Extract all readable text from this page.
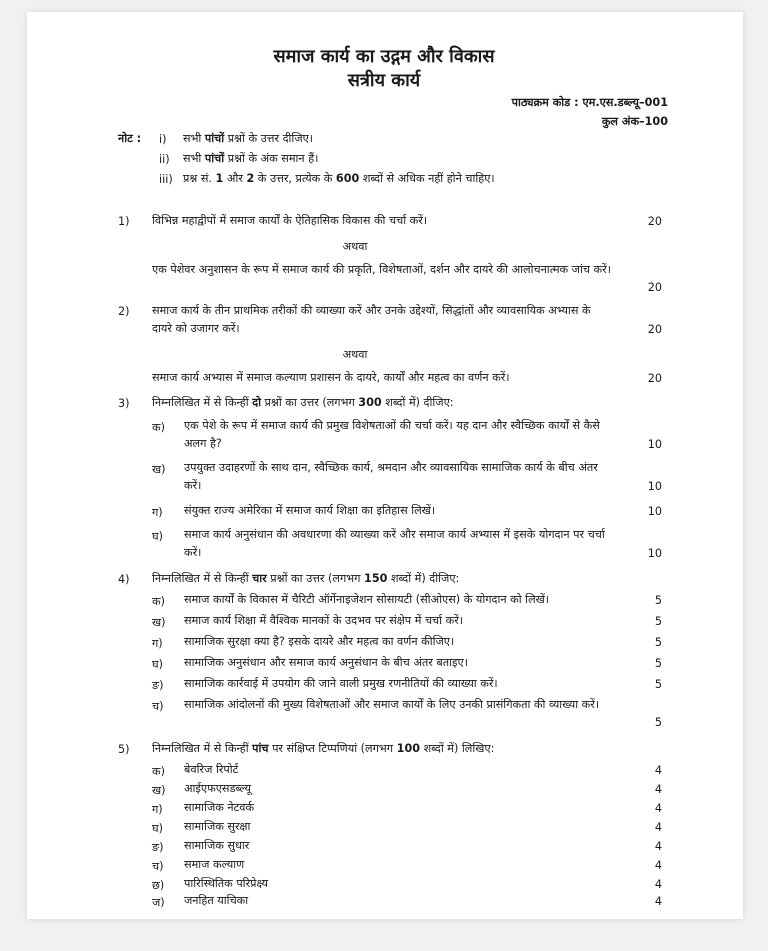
समाज कार्य का उद्गम और विकास
सत्रीय कार्य
पाठ्यक्रम कोड : एम.एस.डब्ल्यू–001
कुल अंक–100
नोट : i) सभी पांचों प्रश्नों के उत्तर दीजिए।
ii) सभी पांचों प्रश्नों के अंक समान हैं।
iii) प्रश्न सं. 1 और 2 के उत्तर, प्रत्येक के 600 शब्दों से अधिक नहीं होने चाहिए।
1) विभिन्न महाद्वीपों में समाज कार्यों के ऐतिहासिक विकास की चर्चा करें।	20
अथवा
एक पेशेवर अनुशासन के रूप में समाज कार्य की प्रकृति, विशेषताओं, दर्शन और दायरे की आलोचनात्मक जांच करें।
20
2) समाज कार्य के तीन प्राथमिक तरीकों की व्याख्या करें और उनके उद्देश्यों, सिद्धांतों और व्यावसायिक अभ्यास के
दायरे को उजागर करें।	20
अथवा
समाज कार्य अभ्यास में समाज कल्याण प्रशासन के दायरे, कार्यों और महत्व का वर्णन करें।	20
3) निम्नलिखित में से किन्हीं दो प्रश्नों का उत्तर (लगभग 300 शब्दों में) दीजिए:
क) एक पेशे के रूप में समाज कार्य की प्रमुख विशेषताओं की चर्चा करें। यह दान और स्वैच्छिक कार्यों से कैसे
अलग है?	10
ख) उपयुक्त उदाहरणों के साथ दान, स्वैच्छिक कार्य, श्रमदान और व्यावसायिक सामाजिक कार्य के बीच अंतर
करें।	10
ग) संयुक्त राज्य अमेरिका में समाज कार्य शिक्षा का इतिहास लिखें।	10
घ) समाज कार्य अनुसंधान की अवधारणा की व्याख्या करें और समाज कार्य अभ्यास में इसके योगदान पर चर्चा
करें।	10
4) निम्नलिखित में से किन्हीं चार प्रश्नों का उत्तर (लगभग 150 शब्दों में) दीजिए:
क) समाज कार्यों के विकास में चैरिटी ऑर्गेनाइजेशन सोसायटी (सीओएस) के योगदान को लिखें।	5
ख) समाज कार्य शिक्षा में वैश्विक मानकों के उदभव पर संक्षेप में चर्चा करें।	5
ग) सामाजिक सुरक्षा क्या है? इसके दायरे और महत्व का वर्णन कीजिए।	5
घ) सामाजिक अनुसंधान और समाज कार्य अनुसंधान के बीच अंतर बताइए।	5
ङ) सामाजिक कार्रवाई में उपयोग की जाने वाली प्रमुख रणनीतियों की व्याख्या करें।	5
च) सामाजिक आंदोलनों की मुख्य विशेषताओं और समाज कार्यों के लिए उनकी प्रासंगिकता की व्याख्या करें।
5
5) निम्नलिखित में से किन्हीं पांच पर संक्षिप्त टिप्पणियां (लगभग 100 शब्दों में) लिखिए:
क) बेवरिज रिपोर्ट	4
ख) आईएफएसडब्ल्यू	4
ग) सामाजिक नेटवर्क	4
घ) सामाजिक सुरक्षा	4
ङ) सामाजिक सुधार	4
च) समाज कल्याण	4
छ) पारिस्थितिक परिप्रेक्ष्य	4
ज) जनहित याचिका	4
